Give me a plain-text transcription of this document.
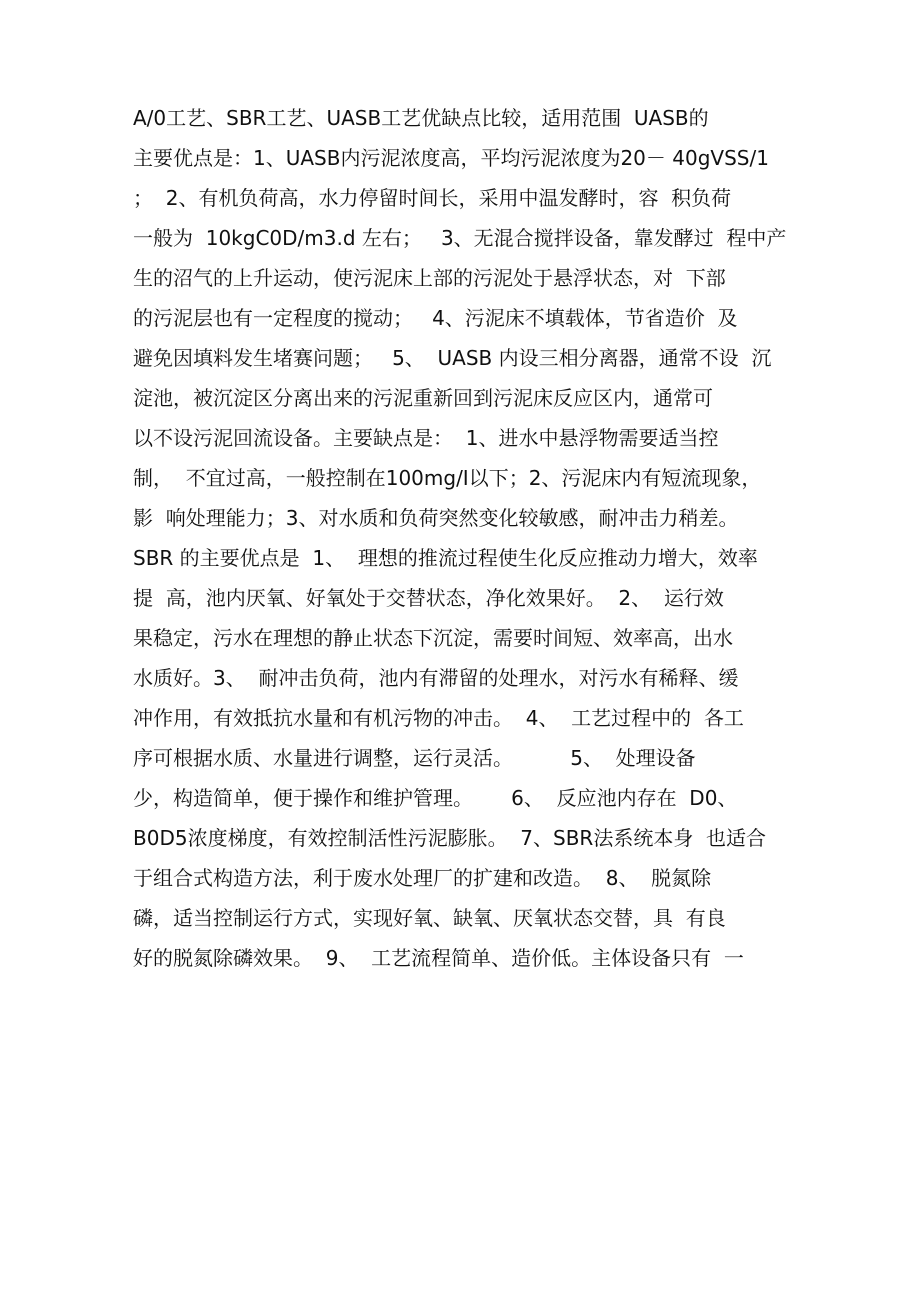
A/0工艺、SBR工艺、UASB工艺优缺点比较，适用范围  UASB的
主要优点是：1、UASB内污泥浓度高，平均污泥浓度为20－ 40gVSS/1
；  2、有机负荷高，水力停留时间长，采用中温发酵时，容  积负荷
一般为  10kgC0D/m3.d 左右；   3、无混合搅拌设备，靠发酵过  程中产
生的沼气的上升运动，使污泥床上部的污泥处于悬浮状态，对  下部
的污泥层也有一定程度的搅动；   4、污泥床不填载体，节省造价  及
避免因填料发生堵赛问题；   5、  UASB 内设三相分离器，通常不设  沉
淀池，被沉淀区分离出来的污泥重新回到污泥床反应区内，通常可
以不设污泥回流设备。主要缺点是：  1、进水中悬浮物需要适当控
制，  不宜过高，一般控制在100mg/I以下；2、污泥床内有短流现象，
影  响处理能力；3、对水质和负荷突然变化较敏感，耐冲击力稍差。
SBR 的主要优点是  1、  理想的推流过程使生化反应推动力增大，效率
提  高，池内厌氧、好氧处于交替状态，净化效果好。  2、  运行效
果稳定，污水在理想的静止状态下沉淀，需要时间短、效率高，出水
水质好。3、  耐冲击负荷，池内有滞留的处理水，对污水有稀释、缓
冲作用，有效抵抗水量和有机污物的冲击。  4、  工艺过程中的  各工
序可根据水质、水量进行调整，运行灵活。         5、  处理设备
少，构造简单，便于操作和维护管理。      6、  反应池内存在  D0、
B0D5浓度梯度，有效控制活性污泥膨胀。  7、SBR法系统本身  也适合
于组合式构造方法，利于废水处理厂的扩建和改造。  8、  脱氮除
磷，适当控制运行方式，实现好氧、缺氧、厌氧状态交替，具  有良
好的脱氮除磷效果。  9、  工艺流程简单、造价低。主体设备只有  一
